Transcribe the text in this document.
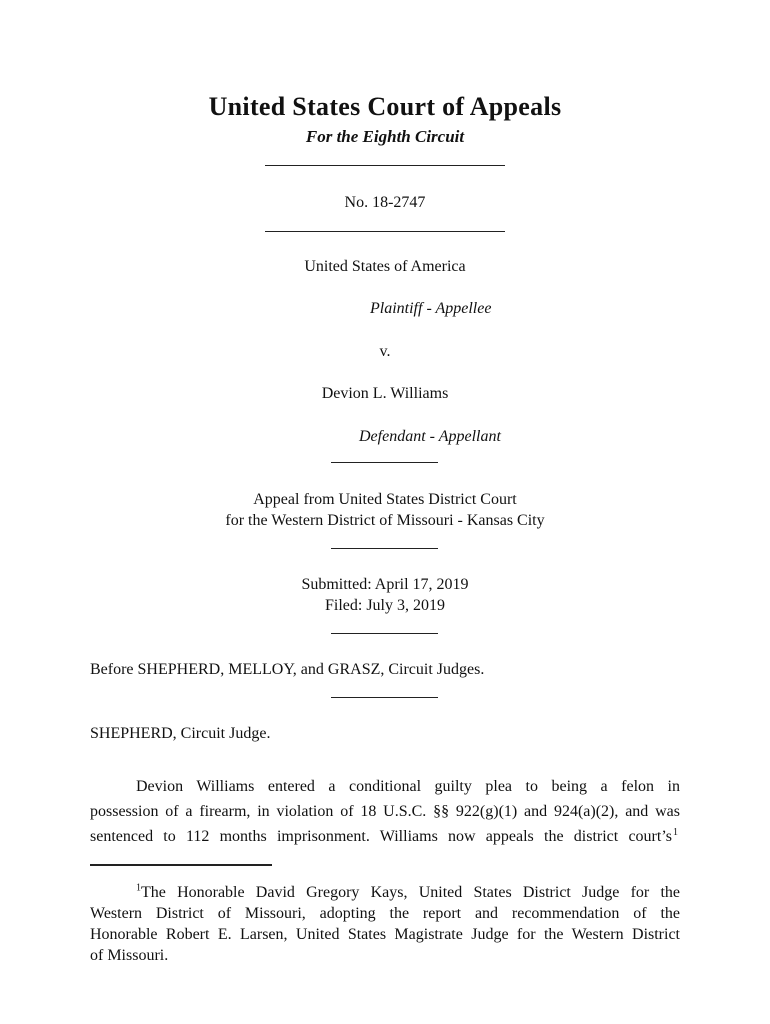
United States Court of Appeals
For the Eighth Circuit
No. 18-2747
United States of America
Plaintiff - Appellee
v.
Devion L. Williams
Defendant - Appellant
Appeal from United States District Court
for the Western District of Missouri - Kansas City
Submitted: April 17, 2019
Filed: July 3, 2019
Before SHEPHERD, MELLOY, and GRASZ, Circuit Judges.
SHEPHERD, Circuit Judge.
Devion Williams entered a conditional guilty plea to being a felon in
possession of a firearm, in violation of 18 U.S.C. §§ 922(g)(1) and 924(a)(2), and was
sentenced to 112 months imprisonment. Williams now appeals the district court’s 1
$^1$The Honorable David Gregory Kays, United States District Judge for the
Western District of Missouri, adopting the report and recommendation of the
Honorable Robert E. Larsen, United States Magistrate Judge for the Western District
of Missouri.
